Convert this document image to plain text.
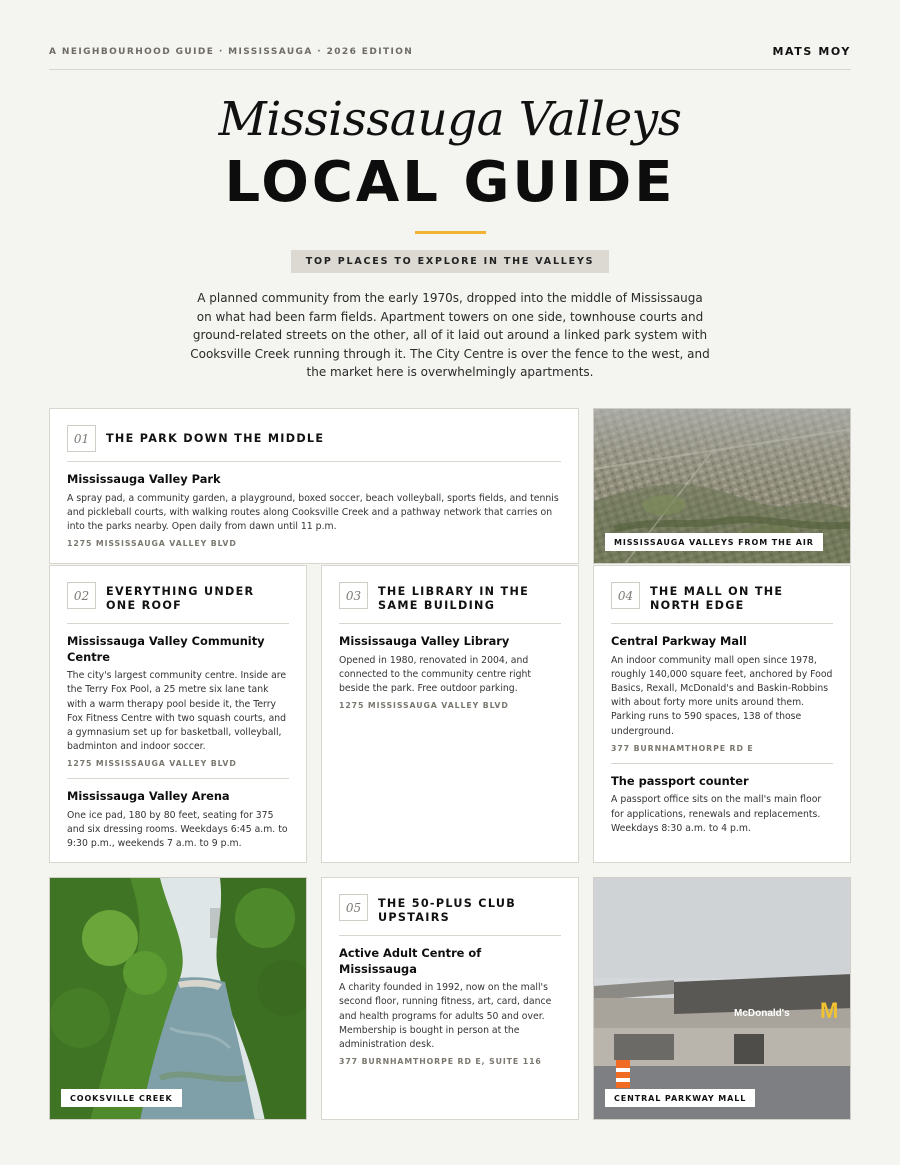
A NEIGHBOURHOOD GUIDE · MISSISSAUGA · 2026 EDITION	MATS MOY
Mississauga Valleys
LOCAL GUIDE
TOP PLACES TO EXPLORE IN THE VALLEYS
A planned community from the early 1970s, dropped into the middle of Mississauga on what had been farm fields. Apartment towers on one side, townhouse courts and ground-related streets on the other, all of it laid out around a linked park system with Cooksville Creek running through it. The City Centre is over the fence to the west, and the market here is overwhelmingly apartments.
01	THE PARK DOWN THE MIDDLE
Mississauga Valley Park
A spray pad, a community garden, a playground, boxed soccer, beach volleyball, sports fields, and tennis and pickleball courts, with walking routes along Cooksville Creek and a pathway network that carries on into the parks nearby. Open daily from dawn until 11 p.m.
1275 MISSISSAUGA VALLEY BLVD	MISSISSAUGA VALLEYS FROM THE AIR
02	EVERYTHING UNDER ONE ROOF
Mississauga Valley Community Centre
The city's largest community centre. Inside are the Terry Fox Pool, a 25 metre six lane tank with a warm therapy pool beside it, the Terry Fox Fitness Centre with two squash courts, and a gymnasium set up for basketball, volleyball, badminton and indoor soccer.
1275 MISSISSAUGA VALLEY BLVD
Mississauga Valley Arena
One ice pad, 180 by 80 feet, seating for 375 and six dressing rooms. Weekdays 6:45 a.m. to 9:30 p.m., weekends 7 a.m. to 9 p.m.
03	THE LIBRARY IN THE SAME BUILDING
Mississauga Valley Library
Opened in 1980, renovated in 2004, and connected to the community centre right beside the park. Free outdoor parking.
1275 MISSISSAUGA VALLEY BLVD
04	THE MALL ON THE NORTH EDGE
Central Parkway Mall
An indoor community mall open since 1978, roughly 140,000 square feet, anchored by Food Basics, Rexall, McDonald's and Baskin-Robbins with about forty more units around them. Parking runs to 590 spaces, 138 of those underground.
377 BURNHAMTHORPE RD E
The passport counter
A passport office sits on the mall's main floor for applications, renewals and replacements. Weekdays 8:30 a.m. to 4 p.m.
COOKSVILLE CREEK
05	THE 50-PLUS CLUB UPSTAIRS
Active Adult Centre of Mississauga
A charity founded in 1992, now on the mall's second floor, running fitness, art, card, dance and health programs for adults 50 and over. Membership is bought in person at the administration desk.
377 BURNHAMTHORPE RD E, SUITE 116
McDonald's M
CENTRAL PARKWAY MALL
